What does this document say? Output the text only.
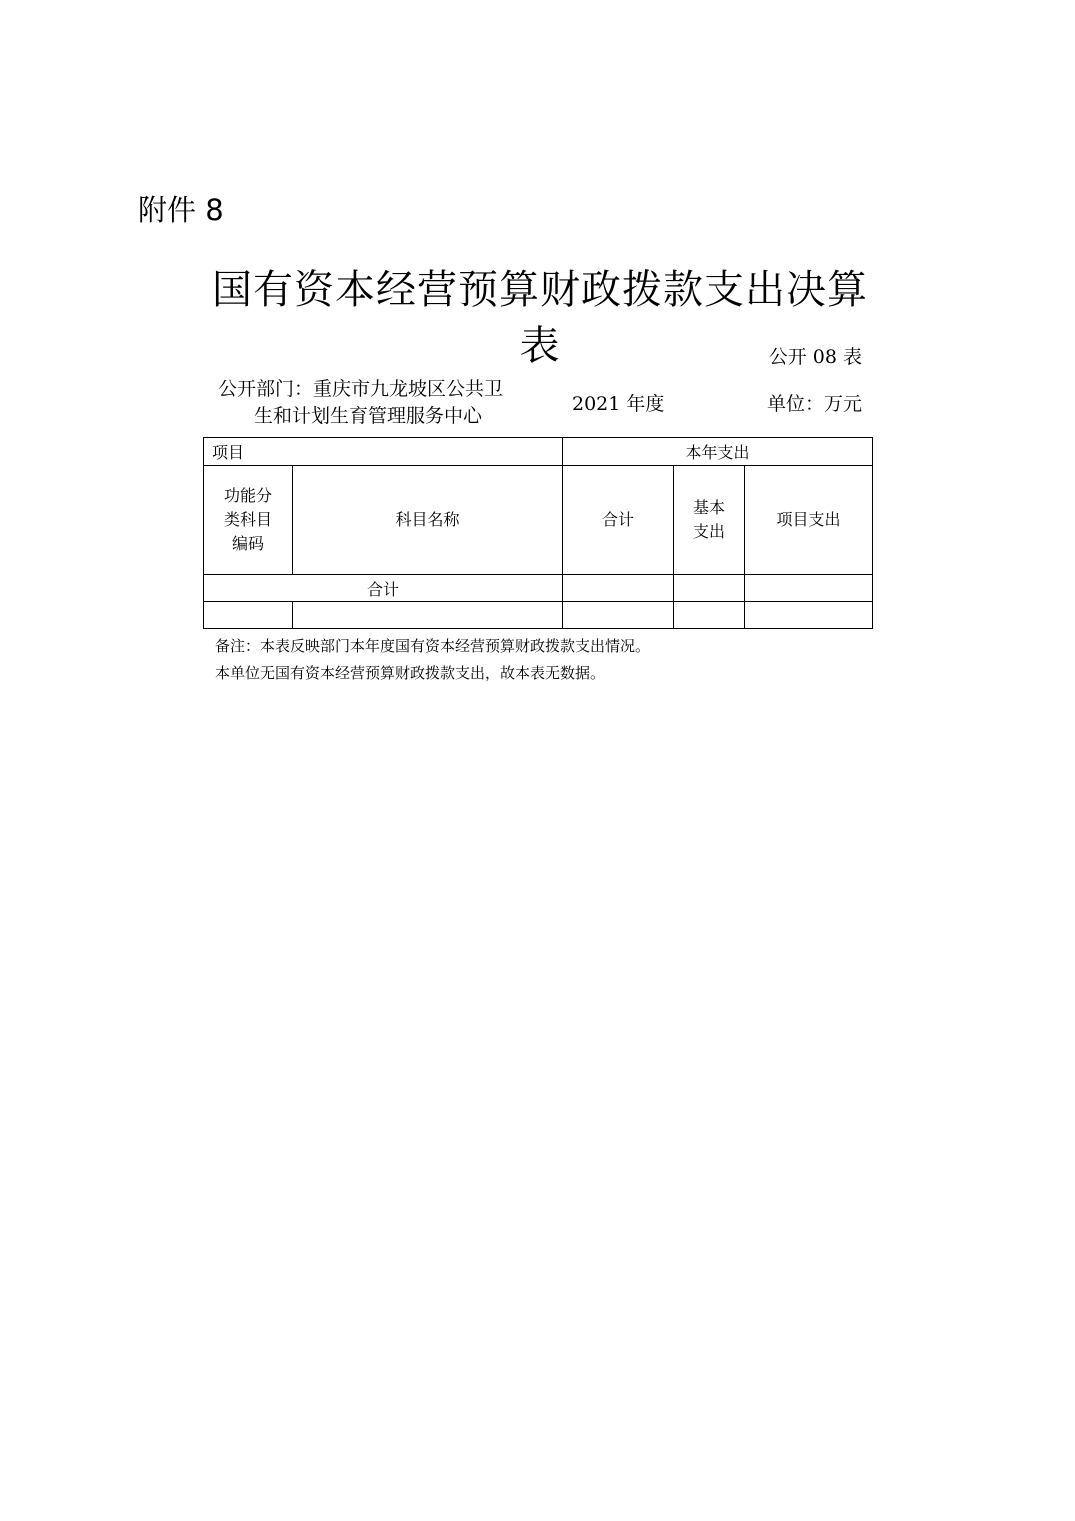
附件 8
国有资本经营预算财政拨款支出决算表	公开 08 表
公开部门：重庆市九龙坡区公共卫
生和计划生育管理服务中心
2021 年度	单位：万元
项目		本年支出		
功能分类科目编码	科目名称	合计	基本支出	项目支出
合计				

备注：本表反映部门本年度国有资本经营预算财政拨款支出情况。
本单位无国有资本经营预算财政拨款支出，故本表无数据。
